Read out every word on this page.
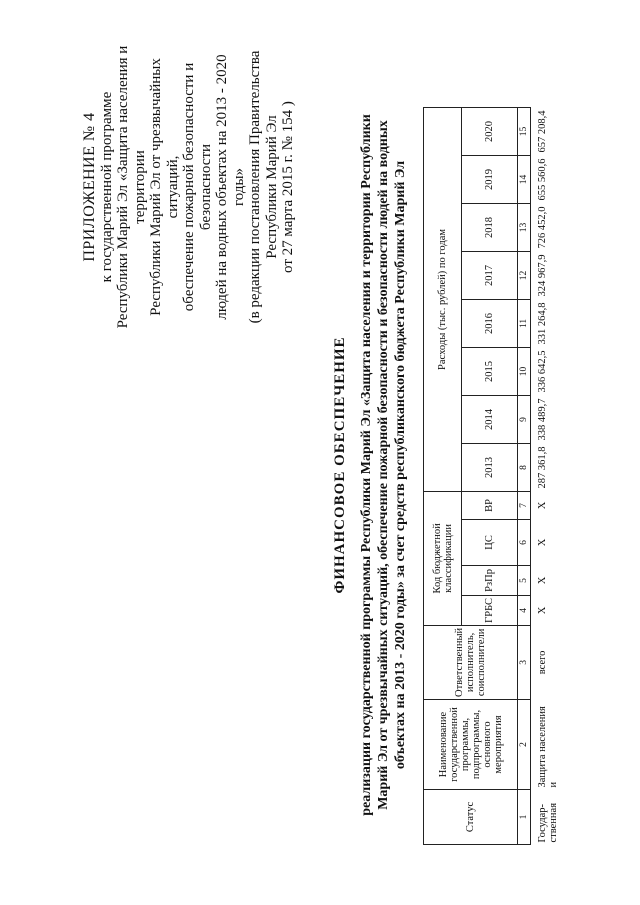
ПРИЛОЖЕНИЕ № 4 к государственной программе Республики Марий Эл «Защита населения и территории Республики Марий Эл от чрезвычайных ситуаций, обеспечение пожарной безопасности и безопасности людей на водных объектах на 2013 - 2020 годы» (в редакции постановления Правительства Республики Марий Эл от 27 марта 2015 г. № 154 )
ФИНАНСОВОЕ ОБЕСПЕЧЕНИЕ реализации государственной программы Республики Марий Эл «Защита населения и территории Республики Марий Эл от чрезвычайных ситуаций, обеспечение пожарной безопасности и безопасности людей на водных объектах на 2013 - 2020 годы» за счет средств республиканского бюджета Республики Марий Эл
Статус	Наименование государственной программы, подпрограммы, основного мероприятия	Ответственный исполнитель, соисполнители	Код бюджетной классификации				Расходы (тыс. рублей) по годам							
			ГРБС	РзПр	ЦС	ВР	2013	2014	2015	2016	2017	2018	2019	2020
1	2	3	4	5	6	7	8	9	10	11	12	13	14	15
Государ-ственная	Защита населения и	всего	Х	Х	Х	Х	287 361,8	338 489,7	336 642,5	331 264,8	324 967,9	726 452,0	655 560,6	657 208,4
